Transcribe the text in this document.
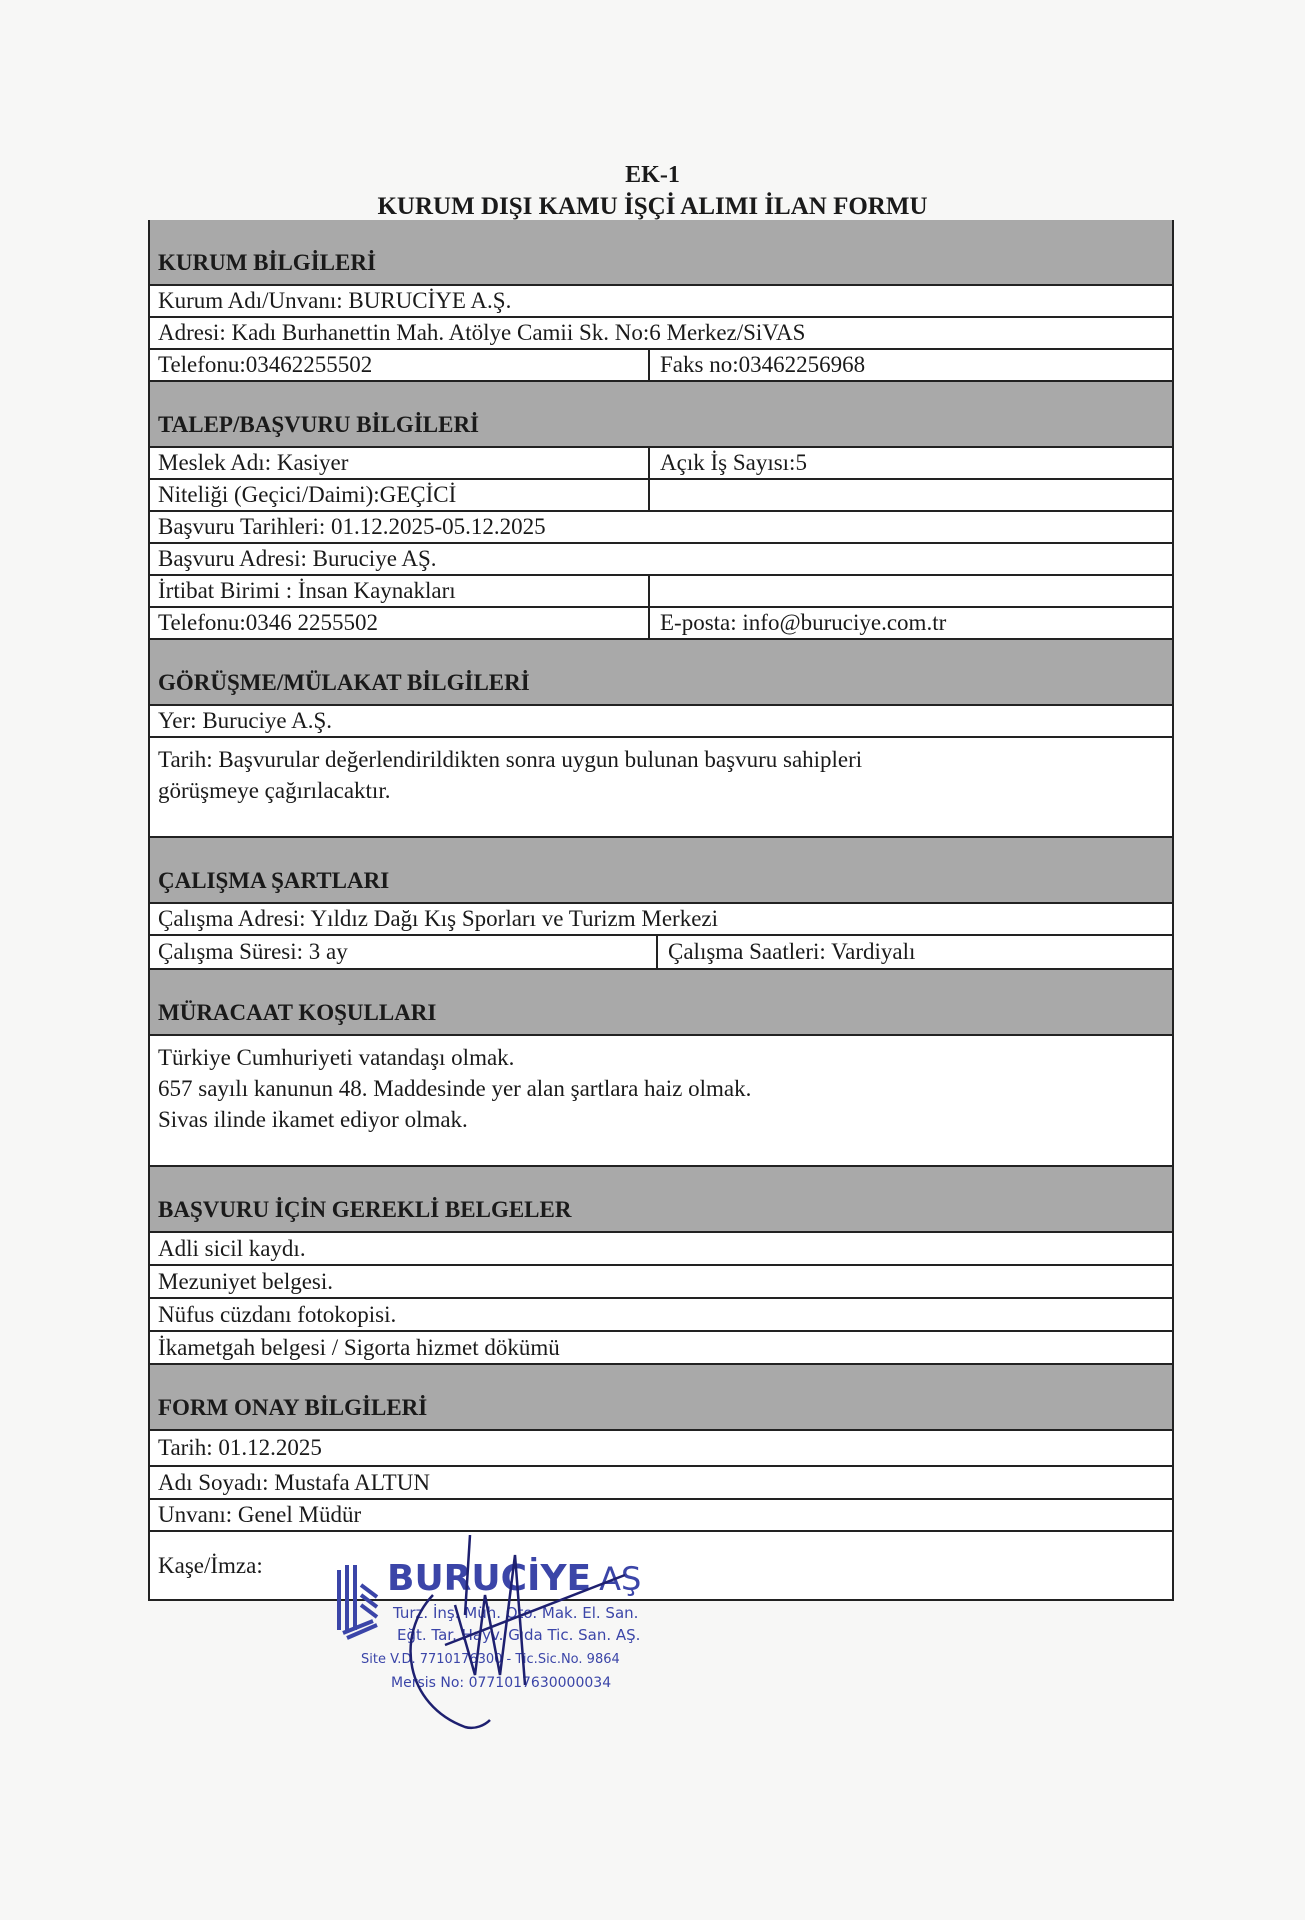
EK-1
KURUM DIŞI KAMU İŞÇİ ALIMI İLAN FORMU
KURUM BİLGİLERİ
Kurum Adı/Unvanı: BURUCİYE A.Ş.
Adresi: Kadı Burhanettin Mah. Atölye Camii Sk. No:6 Merkez/SiVAS
Telefonu:03462255502	Faks no:03462256968
TALEP/BAŞVURU BİLGİLERİ
Meslek Adı: Kasiyer	Açık İş Sayısı:5
Niteliği (Geçici/Daimi):GEÇİCİ
Başvuru Tarihleri: 01.12.2025-05.12.2025
Başvuru Adresi: Buruciye AŞ.
İrtibat Birimi : İnsan Kaynakları
Telefonu:0346 2255502	E-posta: info@buruciye.com.tr
GÖRÜŞME/MÜLAKAT BİLGİLERİ
Yer: Buruciye A.Ş.
Tarih: Başvurular değerlendirildikten sonra uygun bulunan başvuru sahipleri
görüşmeye çağırılacaktır.
ÇALIŞMA ŞARTLARI
Çalışma Adresi: Yıldız Dağı Kış Sporları ve Turizm Merkezi
Çalışma Süresi: 3 ay	Çalışma Saatleri: Vardiyalı
MÜRACAAT KOŞULLARI
Türkiye Cumhuriyeti vatandaşı olmak.
657 sayılı kanunun 48. Maddesinde yer alan şartlara haiz olmak.
Sivas ilinde ikamet ediyor olmak.
BAŞVURU İÇİN GEREKLİ BELGELER
Adli sicil kaydı.
Mezuniyet belgesi.
Nüfus cüzdanı fotokopisi.
İkametgah belgesi / Sigorta hizmet dökümü
FORM ONAY BİLGİLERİ
Tarih: 01.12.2025
Adı Soyadı: Mustafa ALTUN
Unvanı: Genel Müdür
Kaşe/İmza:	BURUCİYE AŞ
Turz. İnş. Müh. Oto. Mak. El. San.
Eğt. Tar. Hayv. Gıda Tic. San. AŞ.
Site V.D. 7710176300 - Tic.Sic.No. 9864
Mersis No: 0771017630000034
